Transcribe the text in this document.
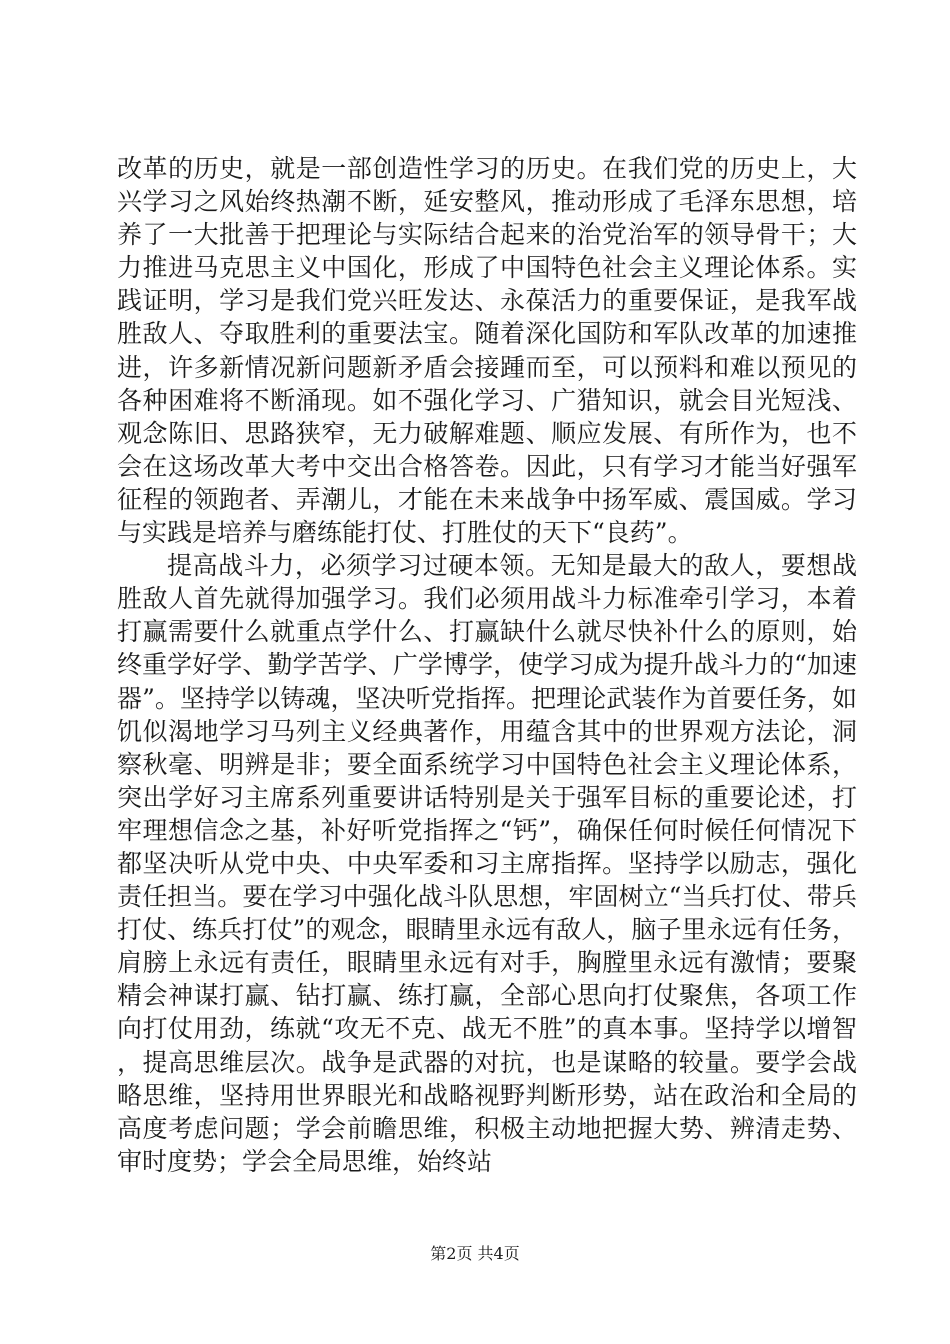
改革的历史，就是一部创造性学习的历史。在我们党的历史上，大兴学习之风始终热潮不断，延安整风，推动形成了毛泽东思想，培养了一大批善于把理论与实际结合起来的治党治军的领导骨干；大力推进马克思主义中国化，形成了中国特色社会主义理论体系。实践证明，学习是我们党兴旺发达、永葆活力的重要保证，是我军战胜敌人、夺取胜利的重要法宝。随着深化国防和军队改革的加速推进，许多新情况新问题新矛盾会接踵而至，可以预料和难以预见的各种困难将不断涌现。如不强化学习、广猎知识，就会目光短浅、观念陈旧、思路狭窄，无力破解难题、顺应发展、有所作为，也不会在这场改革大考中交出合格答卷。因此，只有学习才能当好强军征程的领跑者、弄潮儿，才能在未来战争中扬军威、震国威。学习与实践是培养与磨练能打仗、打胜仗的天下“良药”。

提高战斗力，必须学习过硬本领。无知是最大的敌人，要想战胜敌人首先就得加强学习。我们必须用战斗力标准牵引学习，本着打赢需要什么就重点学什么、打赢缺什么就尽快补什么的原则，始终重学好学、勤学苦学、广学博学，使学习成为提升战斗力的“加速器”。坚持学以铸魂，坚决听党指挥。把理论武装作为首要任务，如饥似渴地学习马列主义经典著作，用蕴含其中的世界观方法论，洞察秋毫、明辨是非；要全面系统学习中国特色社会主义理论体系，突出学好习主席系列重要讲话特别是关于强军目标的重要论述，打牢理想信念之基，补好听党指挥之“钙”，确保任何时候任何情况下都坚决听从党中央、中央军委和习主席指挥。坚持学以励志，强化责任担当。要在学习中强化战斗队思想，牢固树立“当兵打仗、带兵打仗、练兵打仗”的观念，眼睛里永远有敌人，脑子里永远有任务，肩膀上永远有责任，眼睛里永远有对手，胸膛里永远有激情；要聚精会神谋打赢、钻打赢、练打赢，全部心思向打仗聚焦，各项工作向打仗用劲，练就“攻无不克、战无不胜”的真本事。坚持学以增智，提高思维层次。战争是武器的对抗，也是谋略的较量。要学会战略思维，坚持用世界眼光和战略视野判断形势，站在政治和全局的高度考虑问题；学会前瞻思维，积极主动地把握大势、辨清走势、审时度势；学会全局思维，始终站

第2页 共4页
